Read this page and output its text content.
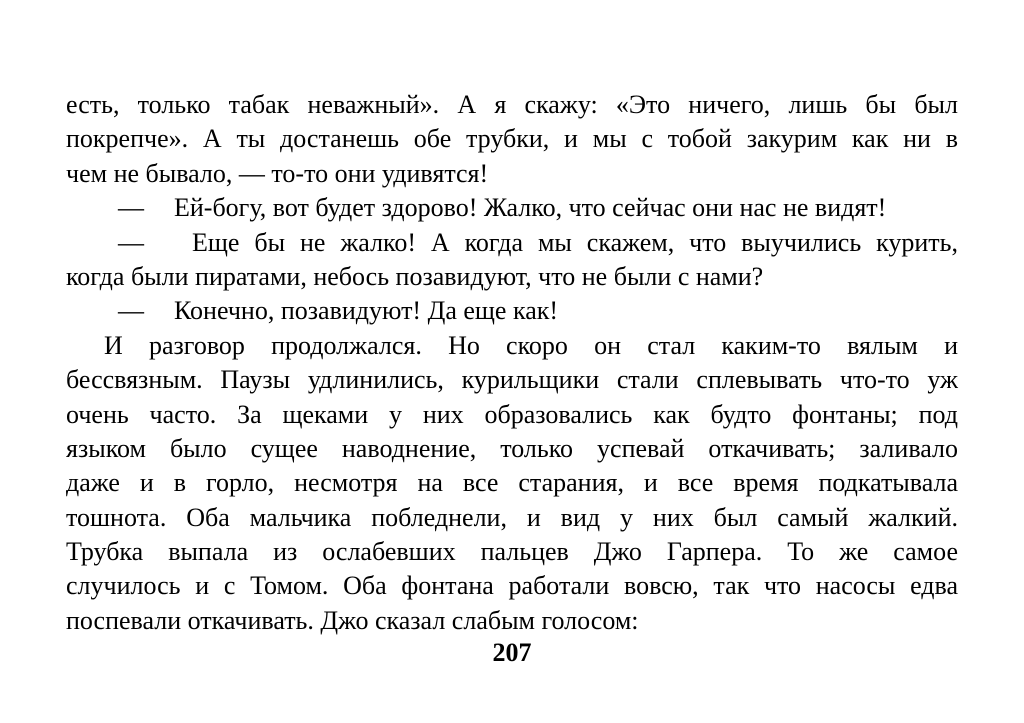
есть, только табак неважный». А я скажу: «Это ничего, лишь бы был
покрепче». А ты достанешь обе трубки, и мы с тобой закурим как ни в
чем не бывало, — то-то они удивятся!
— Ей-богу, вот будет здорово! Жалко, что сейчас они нас не видят!
— Еще бы не жалко! А когда мы скажем, что выучились курить,
когда были пиратами, небось позавидуют, что не были с нами?
— Конечно, позавидуют! Да еще как!
И разговор продолжался. Но скоро он стал каким-то вялым и
бессвязным. Паузы удлинились, курильщики стали сплевывать что-то уж
очень часто. За щеками у них образовались как будто фонтаны; под
языком было сущее наводнение, только успевай откачивать; заливало
даже и в горло, несмотря на все старания, и все время подкатывала
тошнота. Оба мальчика побледнели, и вид у них был самый жалкий.
Трубка выпала из ослабевших пальцев Джо Гарпера. То же самое
случилось и с Томом. Оба фонтана работали вовсю, так что насосы едва
поспевали откачивать. Джо сказал слабым голосом:
207
